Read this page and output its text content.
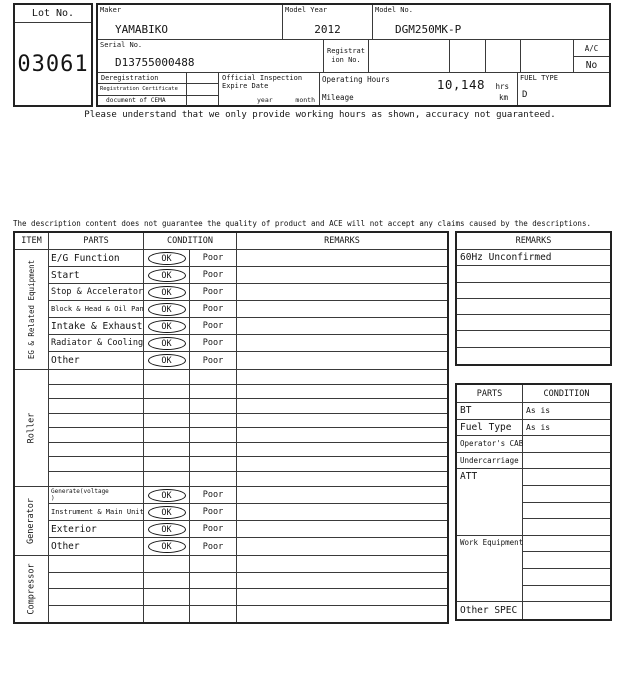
Lot No.
03061
Maker
YAMABIKO
Model Year
2012
Model No.
DGM250MK-P
Serial No.
D13755000488
Registration No.
A/C
No
Deregistration
Registration Certificate
document of CEMA
Official Inspection
Expire Date
year	month
Operating Hours	10,148 hrs
Mileage	km
FUEL TYPE
D
Please understand that we only provide working hours as shown, accuracy not guaranteed.
The description content does not guarantee the quality of product and ACE will not accept any claims caused by the descriptions.
ITEM	PARTS	CONDITION	REMARKS
EG & Related Equipment
E/G Function	OK	Poor
Start	OK	Poor
Stop & Accelerator	OK	Poor
Block & Head & Oil Pan	OK	Poor
Intake & Exhaust	OK	Poor
Radiator & Cooling	OK	Poor
Other	OK	Poor
Roller
Generator
Generate(voltage)	OK	Poor
Instrument & Main Unit	OK	Poor
Exterior	OK	Poor
Other	OK	Poor
Compressor
REMARKS
60Hz Unconfirmed
PARTS	CONDITION
BT	As is
Fuel Type As is
Operator's CAB
Undercarriage
ATT
Work Equipment
Other SPEC
